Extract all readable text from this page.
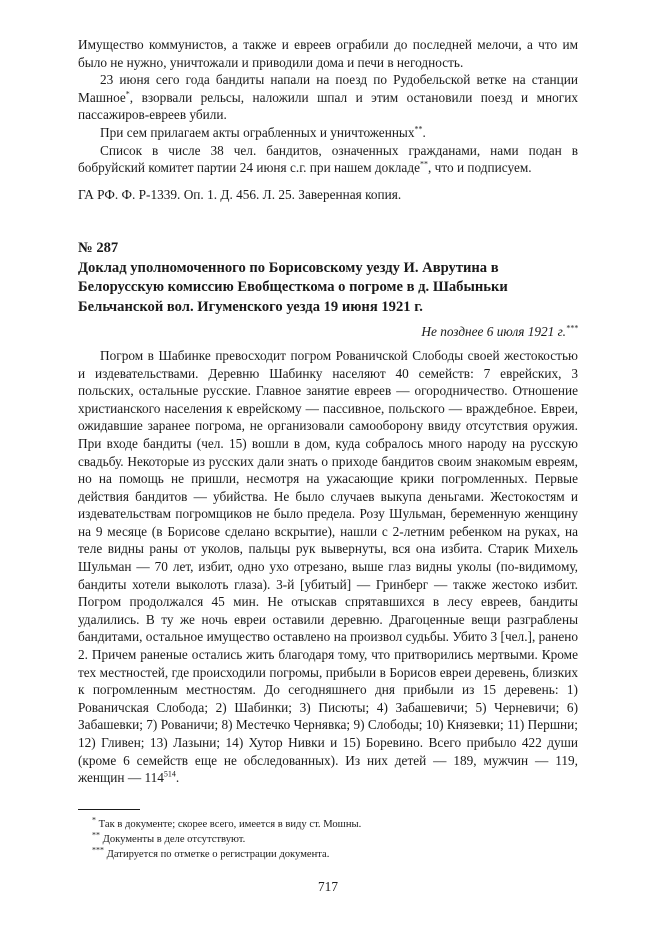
Имущество коммунистов, а также и евреев ограбили до последней мелочи, а что им было не нужно, уничтожали и приводили дома и печи в негодность.

23 июня сего года бандиты напали на поезд по Рудобельской ветке на станции Машное*, взорвали рельсы, наложили шпал и этим остановили поезд и многих пассажиров-евреев убили.

При сем прилагаем акты ограбленных и уничтоженных**.

Список в числе 38 чел. бандитов, означенных гражданами, нами подан в бобруйский комитет партии 24 июня с.г. при нашем докладе**, что и подписуем.

ГА РФ. Ф. Р-1339. Оп. 1. Д. 456. Л. 25. Заверенная копия.

№ 287

Доклад уполномоченного по Борисовскому уезду И. Аврутина в Белорусскую комиссию Евобщесткома о погроме в д. Шабыньки Бельчанской вол. Игуменского уезда 19 июня 1921 г.

Не позднее 6 июля 1921 г.***

Погром в Шабинке превосходит погром Рованичской Слободы своей жестокостью и издевательствами. Деревню Шабинку населяют 40 семейств: 7 еврейских, 3 польских, остальные русские. Главное занятие евреев — огородничество. Отношение христианского населения к еврейскому — пассивное, польского — враждебное. Евреи, ожидавшие заранее погрома, не организовали самооборону ввиду отсутствия оружия. При входе бандиты (чел. 15) вошли в дом, куда собралось много народу на русскую свадьбу. Некоторые из русских дали знать о приходе бандитов своим знакомым евреям, но на помощь не пришли, несмотря на ужасающие крики погромленных. Первые действия бандитов — убийства. Не было случаев выкупа деньгами. Жестокостям и издевательствам погромщиков не было предела. Розу Шульман, беременную женщину на 9 месяце (в Борисове сделано вскрытие), нашли с 2-летним ребенком на руках, на теле видны раны от уколов, пальцы рук вывернуты, вся она избита. Старик Михель Шульман — 70 лет, избит, одно ухо отрезано, выше глаз видны уколы (по-видимому, бандиты хотели выколоть глаза). 3-й [убитый] — Гринберг — также жестоко избит. Погром продолжался 45 мин. Не отыскав спрятавшихся в лесу евреев, бандиты удалились. В ту же ночь евреи оставили деревню. Драгоценные вещи разграблены бандитами, остальное имущество оставлено на произвол судьбы. Убито 3 [чел.], ранено 2. Причем раненые остались жить благодаря тому, что притворились мертвыми. Кроме тех местностей, где происходили погромы, прибыли в Борисов евреи деревень, близких к погромленным местностям. До сегодняшнего дня прибыли из 15 деревень: 1) Рованичская Слобода; 2) Шабинки; 3) Писюты; 4) Забашевичи; 5) Черневичи; 6) Забашевки; 7) Рованичи; 8) Местечко Чернявка; 9) Слободы; 10) Князевки; 11) Першни; 12) Гливен; 13) Лазыни; 14) Хутор Нивки и 15) Боревино. Всего прибыло 422 души (кроме 6 семейств еще не обследованных). Из них детей — 189, мужчин — 119, женщин — $114^{514}$.

* Так в документе; скорее всего, имеется в виду ст. Мошны.

** Документы в деле отсутствуют.

*** Датируется по отметке о регистрации документа.

717
